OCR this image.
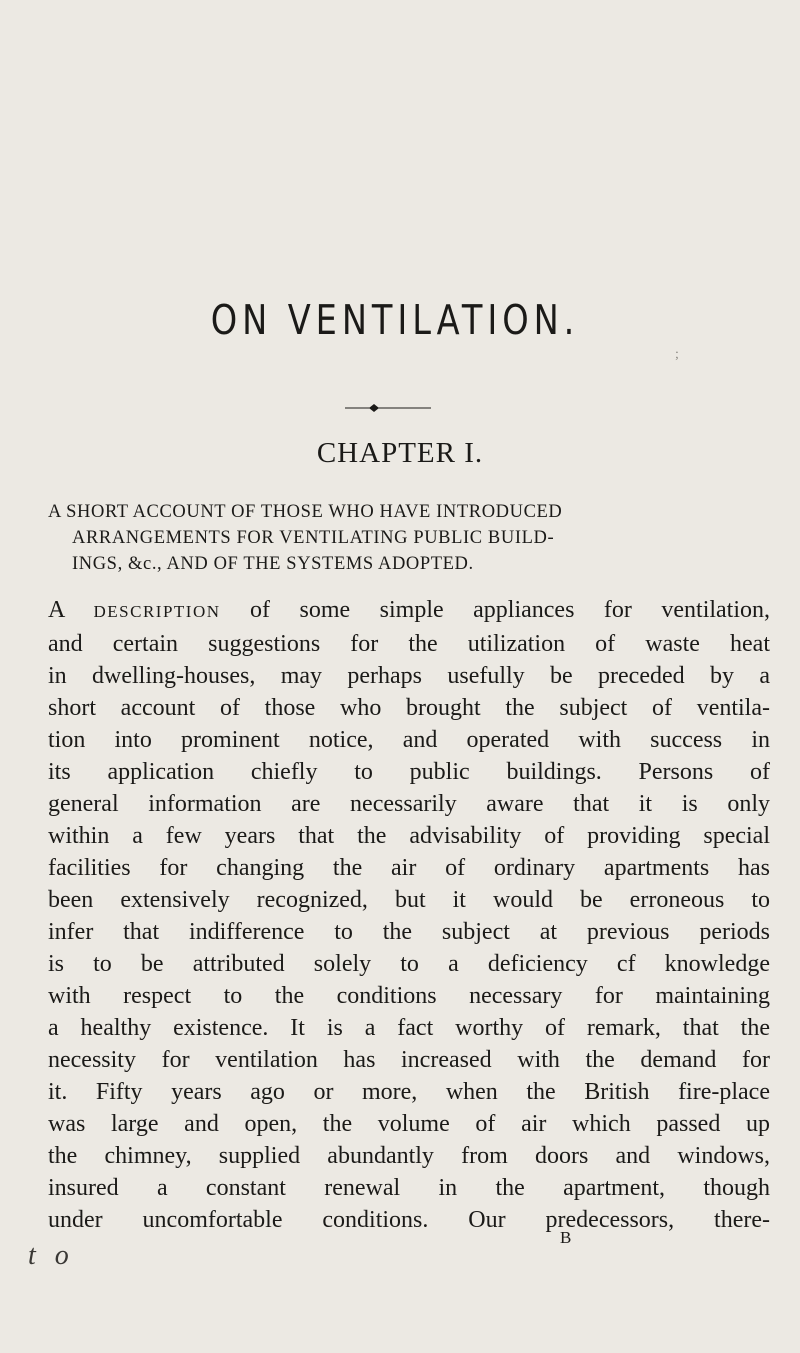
ON VENTILATION.
;
CHAPTER I.
A SHORT ACCOUNT OF THOSE WHO HAVE INTRODUCED
ARRANGEMENTS FOR VENTILATING PUBLIC BUILD-
INGS, &c., AND OF THE SYSTEMS ADOPTED.
A DESCRIPTION of some simple appliances for ventilation,
and certain suggestions for the utilization of waste heat
in dwelling-houses, may perhaps usefully be preceded by a
short account of those who brought the subject of ventila-
tion into prominent notice, and operated with success in
its application chiefly to public buildings. Persons of
general information are necessarily aware that it is only
within a few years that the advisability of providing special
facilities for changing the air of ordinary apartments has
been extensively recognized, but it would be erroneous to
infer that indifference to the subject at previous periods
is to be attributed solely to a deficiency cf knowledge
with respect to the conditions necessary for maintaining
a healthy existence. It is a fact worthy of remark, that the
necessity for ventilation has increased with the demand for
it. Fifty years ago or more, when the British fire-place
was large and open, the volume of air which passed up
the chimney, supplied abundantly from doors and windows,
insured a constant renewal in the apartment, though
under uncomfortable conditions. Our predecessors, there-
B
t o
